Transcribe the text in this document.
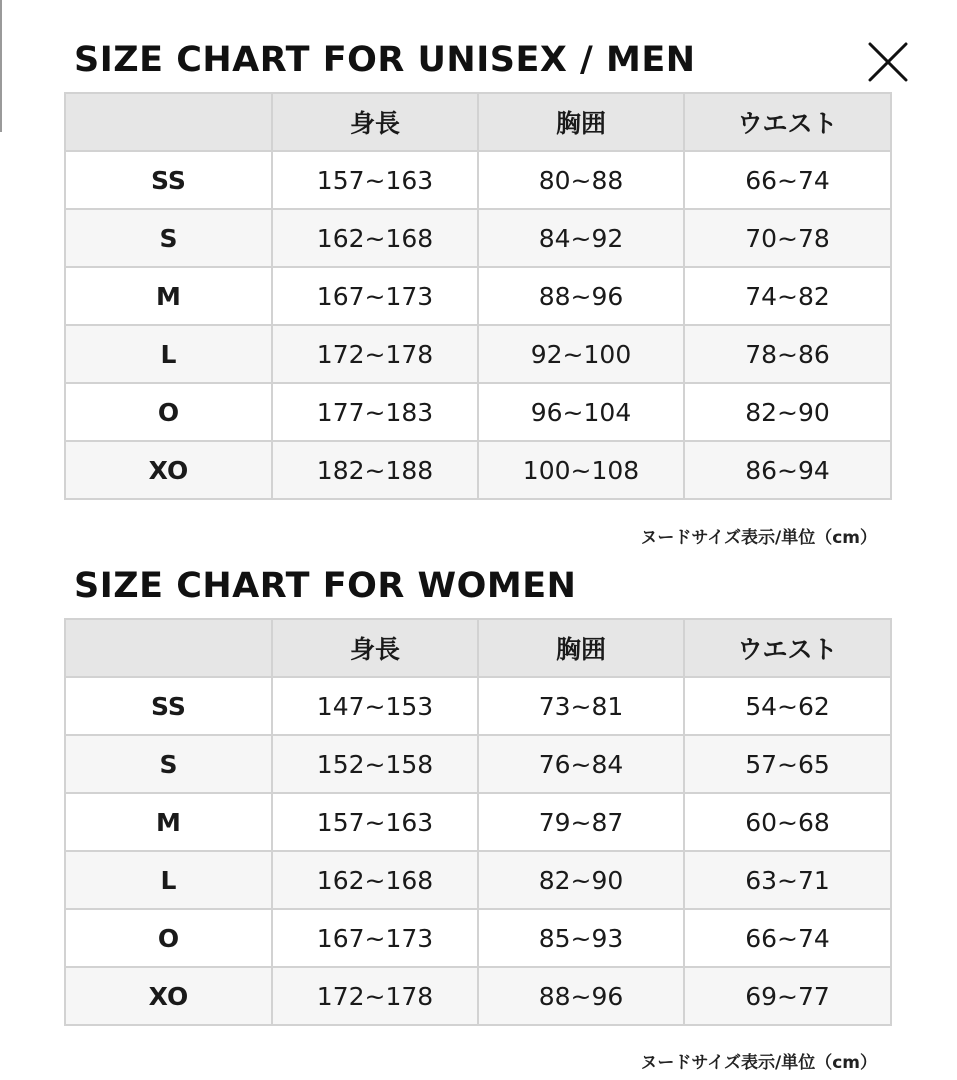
SIZE CHART FOR UNISEX / MEN
	身長	胸囲	ウエスト
SS	157~163	80~88	66~74
S	162~168	84~92	70~78
M	167~173	88~96	74~82
L	172~178	92~100	78~86
O	177~183	96~104	82~90
XO	182~188	100~108	86~94
ヌードサイズ表示/単位（cm）
SIZE CHART FOR WOMEN
	身長	胸囲	ウエスト
SS	147~153	73~81	54~62
S	152~158	76~84	57~65
M	157~163	79~87	60~68
L	162~168	82~90	63~71
O	167~173	85~93	66~74
XO	172~178	88~96	69~77
ヌードサイズ表示/単位（cm）
